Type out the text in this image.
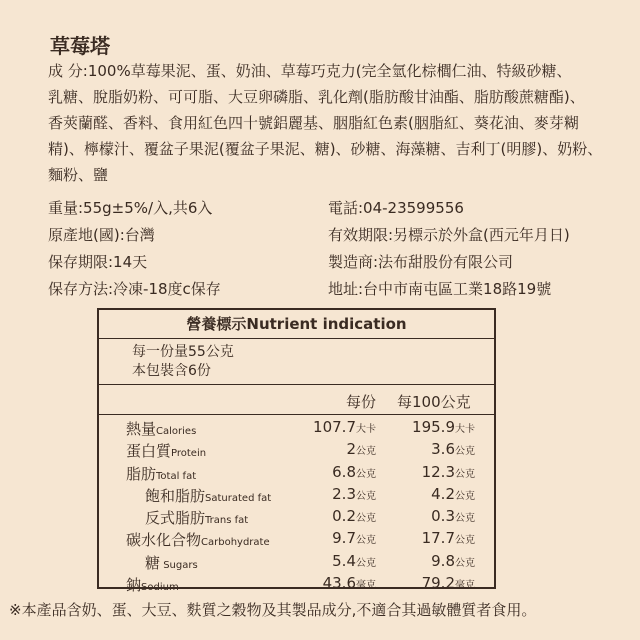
草莓塔
成 分:100%草莓果泥、蛋、奶油、草莓巧克力(完全氫化棕櫚仁油、特級砂糖、
乳糖、脫脂奶粉、可可脂、大豆卵磷脂、乳化劑(脂肪酸甘油酯、脂肪酸蔗糖酯)、
香莢蘭醛、香料、食用紅色四十號鋁麗基、胭脂紅色素(胭脂紅、葵花油、麥芽糊
精)、檸檬汁、覆盆子果泥(覆盆子果泥、糖)、砂糖、海藻糖、吉利丁(明膠)、奶粉、
麵粉、鹽
重量:55g±5%/入,共6入	電話:04-23599556
原產地(國):台灣	有效期限:另標示於外盒(西元年月日)
保存期限:14天	製造商:法布甜股份有限公司
保存方法:冷凍-18度c保存	地址:台中市南屯區工業18路19號
營養標示Nutrient indication
每一份量55公克
本包裝含6份
每份 每100公克
熱量Calories	107.7大卡 195.9大卡
蛋白質Protein	2公克	3.6公克
脂肪Total fat	6.8公克	12.3公克
飽和脂肪Saturated fat	2.3公克	4.2公克
反式脂肪Trans fat	0.2公克	0.3公克
碳水化合物Carbohydrate	9.7公克	17.7公克
糖 Sugars	5.4公克	9.8公克
鈉Sodium	43.6毫克	79.2毫克
※本產品含奶、蛋、大豆、麩質之穀物及其製品成分,不適合其過敏體質者食用。
